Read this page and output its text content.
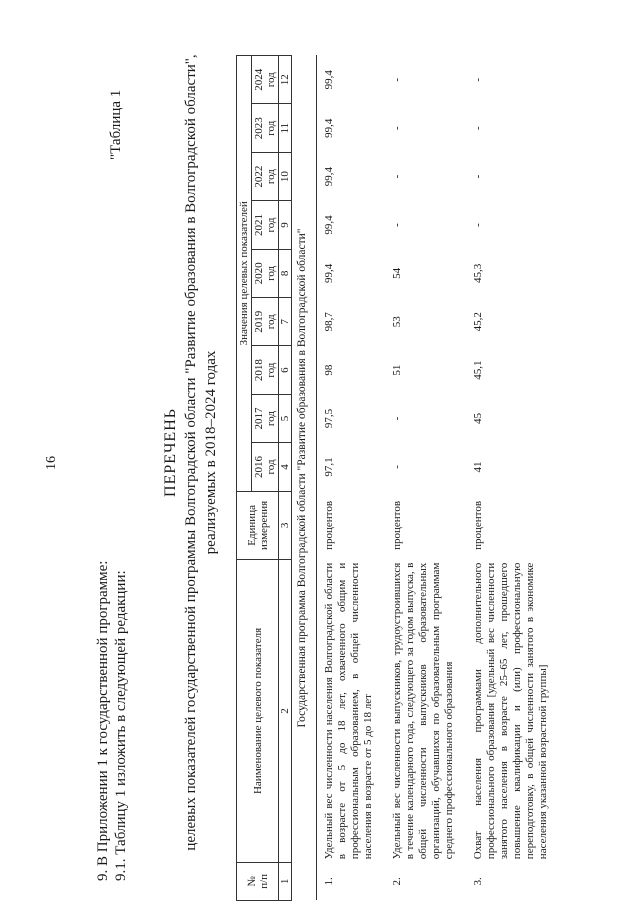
16
"Таблица 1
9. В Приложении 1 к государственной программе: 9.1. Таблицу 1 изложить в следующей редакции:
ПЕРЕЧЕНЬ целевых показателей государственной программы Волгоградской области "Развитие образования в Волгоградской области", реализуемых в 2018–2024 годах
№
п/п	Наименование целевого показателя	Единица
измерения	Значения целевых показателей								
			2016
год	2017
год	2018
год	2019
год	2020
год	2021
год	2022
год	2023
год	2024
год
1	2	3	4	5	6	7	8	9	10	11	12
Государственная программа Волгоградской области "Развитие образования в Волгоградской области"											
1.	Удельный вес численности населения Волгоградской области в возрасте от 5 до 18 лет, охваченного общим и профессиональным образованием, в общей численности населения в возрасте от 5 до 18 лет	процентов	97,1	97,5	98	98,7	99,4	99,4	99,4	99,4	99,4
2.	Удельный вес численности выпускников, трудоустроившихся в течение календарного года, следующего за годом выпуска, в общей численности выпускников образовательных организаций, обучавшихся по образовательным программам среднего профессионального образования	процентов	-	-	51	53	54	-	-	-	-
3.	Охват населения программами дополнительного профессионального образования [удельный вес численности занятого населения в возрасте 25–65 лет, прошедшего повышение квалификации и (или) профессиональную переподготовку, в общей численности занятого в экономике населения указанной возрастной группы]	процентов	41	45	45,1	45,2	45,3	-	-	-	-
